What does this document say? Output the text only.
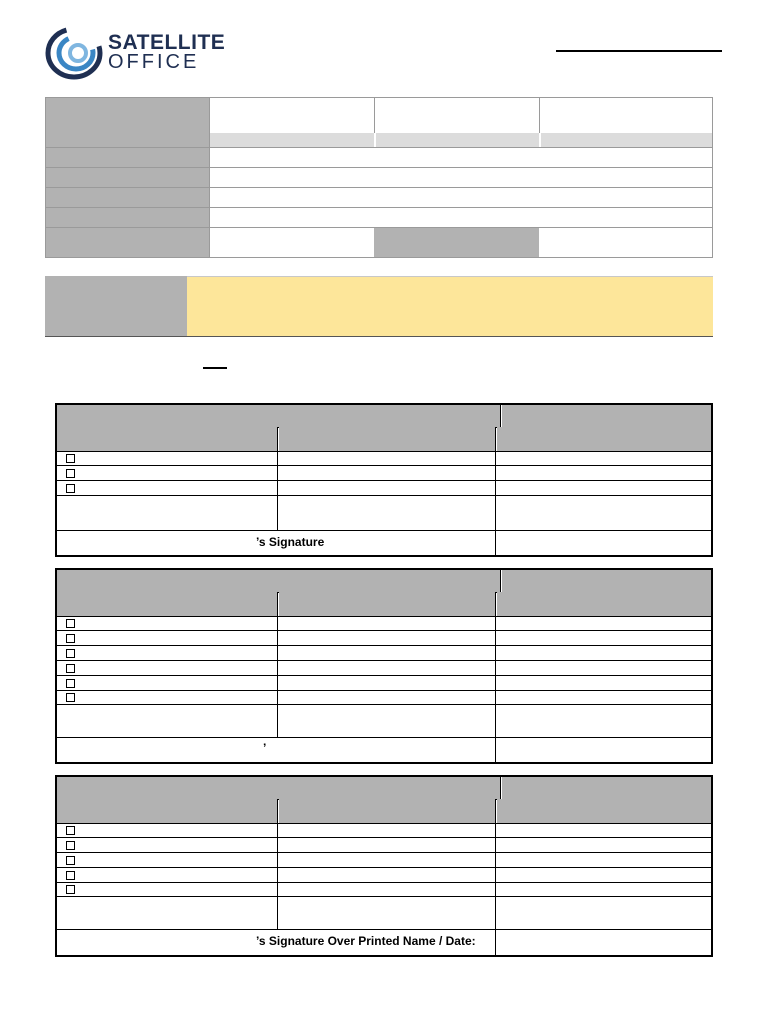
SATELLITE
OFFICE
’s Signature
’
’s Signature Over Printed Name / Date:
